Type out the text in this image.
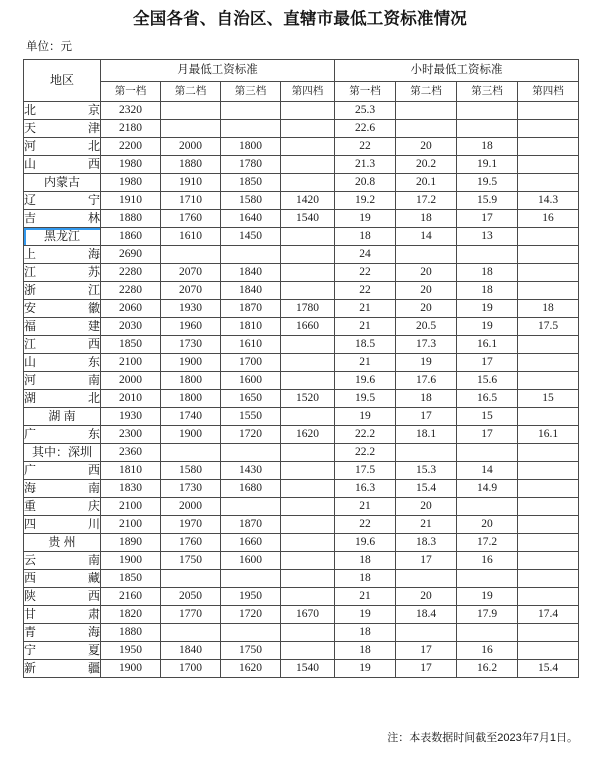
全国各省、自治区、直辖市最低工资标准情况
单位：元
地区	月最低工资标准				小时最低工资标准			
	第一档	第二档	第三档	第四档	第一档	第二档	第三档	第四档
北  京	2320				25.3			
天  津	2180				22.6			
河  北	2200	2000	1800		22	20	18	
山  西	1980	1880	1780		21.3	20.2	19.1	
内蒙古	1980	1910	1850		20.8	20.1	19.5	
辽  宁	1910	1710	1580	1420	19.2	17.2	15.9	14.3
吉  林	1880	1760	1640	1540	19	18	17	16
黑龙江	1860	1610	1450		18	14	13	
上  海	2690				24			
江  苏	2280	2070	1840		22	20	18	
浙  江	2280	2070	1840		22	20	18	
安  徽	2060	1930	1870	1780	21	20	19	18
福  建	2030	1960	1810	1660	21	20.5	19	17.5
江  西	1850	1730	1610		18.5	17.3	16.1	
山  东	2100	1900	1700		21	19	17	
河  南	2000	1800	1600		19.6	17.6	15.6	
湖  北	2010	1800	1650	1520	19.5	18	16.5	15
湖 南	1930	1740	1550		19	17	15	
广  东	2300	1900	1720	1620	22.2	18.1	17	16.1
其中：深圳	2360				22.2			
广  西	1810	1580	1430		17.5	15.3	14	
海  南	1830	1730	1680		16.3	15.4	14.9	
重  庆	2100	2000			21	20		
四  川	2100	1970	1870		22	21	20	
贵 州	1890	1760	1660		19.6	18.3	17.2	
云  南	1900	1750	1600		18	17	16	
西  藏	1850				18			
陕  西	2160	2050	1950		21	20	19	
甘  肃	1820	1770	1720	1670	19	18.4	17.9	17.4
青  海	1880				18			
宁  夏	1950	1840	1750		18	17	16	
新  疆	1900	1700	1620	1540	19	17	16.2	15.4
注：本表数据时间截至2023年7月1日。
